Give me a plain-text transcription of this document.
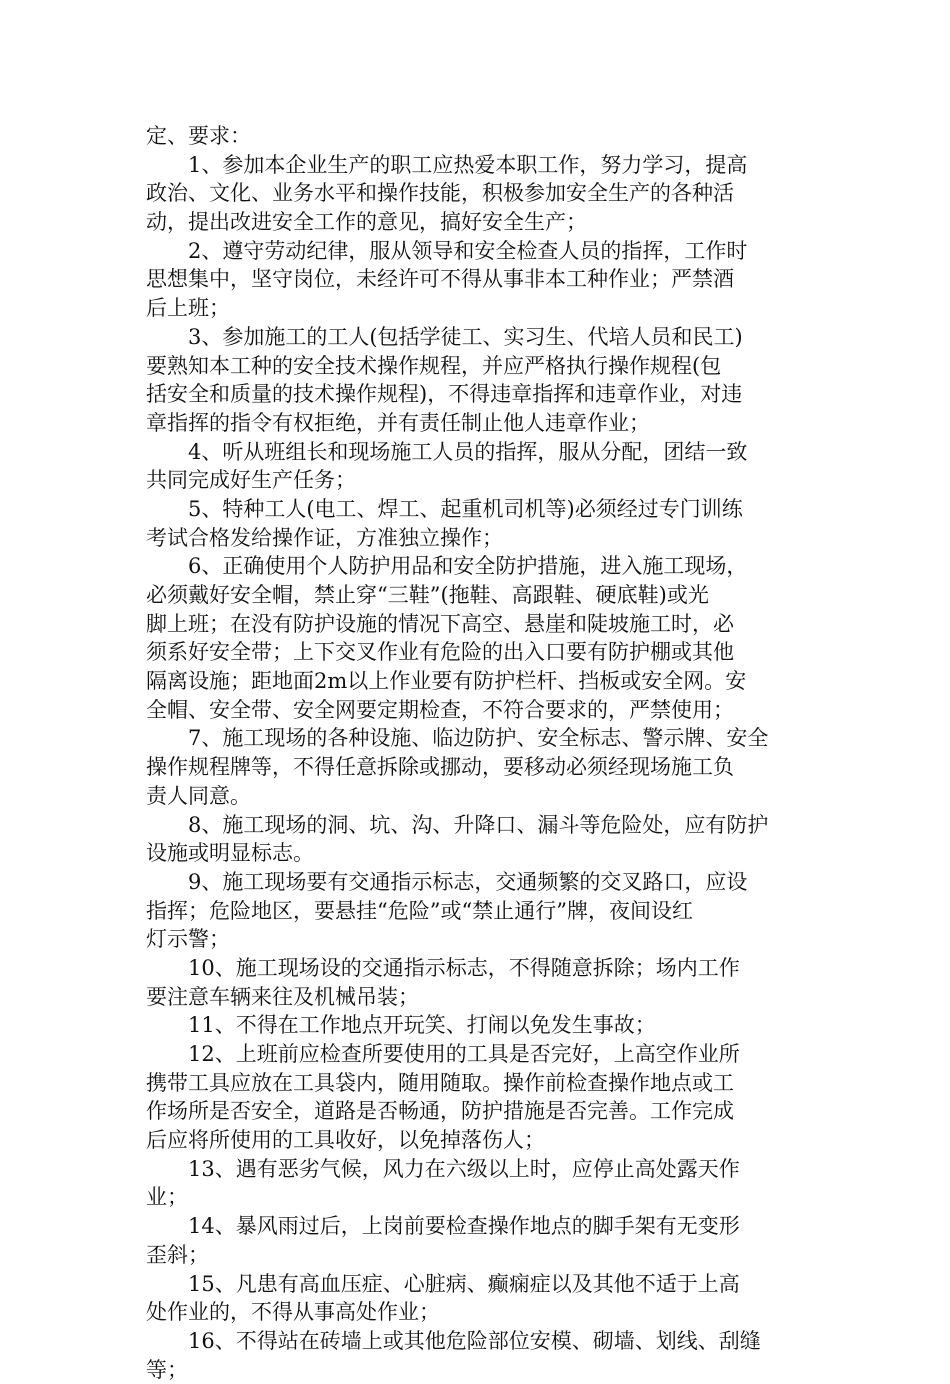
定、要求：
1、参加本企业生产的职工应热爱本职工作，努力学习，提高
政治、文化、业务水平和操作技能，积极参加安全生产的各种活
动，提出改进安全工作的意见，搞好安全生产；
2、遵守劳动纪律，服从领导和安全检查人员的指挥，工作时
思想集中，坚守岗位，未经许可不得从事非本工种作业；严禁酒
后上班；
3、参加施工的工人(包括学徒工、实习生、代培人员和民工)
要熟知本工种的安全技术操作规程，并应严格执行操作规程(包
括安全和质量的技术操作规程)，不得违章指挥和违章作业，对违
章指挥的指令有权拒绝，并有责任制止他人违章作业；
4、听从班组长和现场施工人员的指挥，服从分配，团结一致
共同完成好生产任务；
5、特种工人(电工、焊工、起重机司机等)必须经过专门训练
考试合格发给操作证，方准独立操作；
6、正确使用个人防护用品和安全防护措施，进入施工现场，
必须戴好安全帽，禁止穿“三鞋”(拖鞋、高跟鞋、硬底鞋)或光
脚上班；在没有防护设施的情况下高空、悬崖和陡坡施工时，必
须系好安全带；上下交叉作业有危险的出入口要有防护棚或其他
隔离设施；距地面2m以上作业要有防护栏杆、挡板或安全网。安
全帽、安全带、安全网要定期检查，不符合要求的，严禁使用；
7、施工现场的各种设施、临边防护、安全标志、警示牌、安全
操作规程牌等，不得任意拆除或挪动，要移动必须经现场施工负
责人同意。
8、施工现场的洞、坑、沟、升降口、漏斗等危险处，应有防护
设施或明显标志。
9、施工现场要有交通指示标志，交通频繁的交叉路口，应设
指挥；危险地区，要悬挂“危险”或“禁止通行”牌，夜间设红
灯示警；
10、施工现场设的交通指示标志，不得随意拆除；场内工作
要注意车辆来往及机械吊装；
11、不得在工作地点开玩笑、打闹以免发生事故；
12、上班前应检查所要使用的工具是否完好，上高空作业所
携带工具应放在工具袋内，随用随取。操作前检查操作地点或工
作场所是否安全，道路是否畅通，防护措施是否完善。工作完成
后应将所使用的工具收好，以免掉落伤人；
13、遇有恶劣气候，风力在六级以上时，应停止高处露天作
业；
14、暴风雨过后，上岗前要检查操作地点的脚手架有无变形
歪斜；
15、凡患有高血压症、心脏病、癫痫症以及其他不适于上高
处作业的，不得从事高处作业；
16、不得站在砖墙上或其他危险部位安模、砌墙、划线、刮缝
等；
